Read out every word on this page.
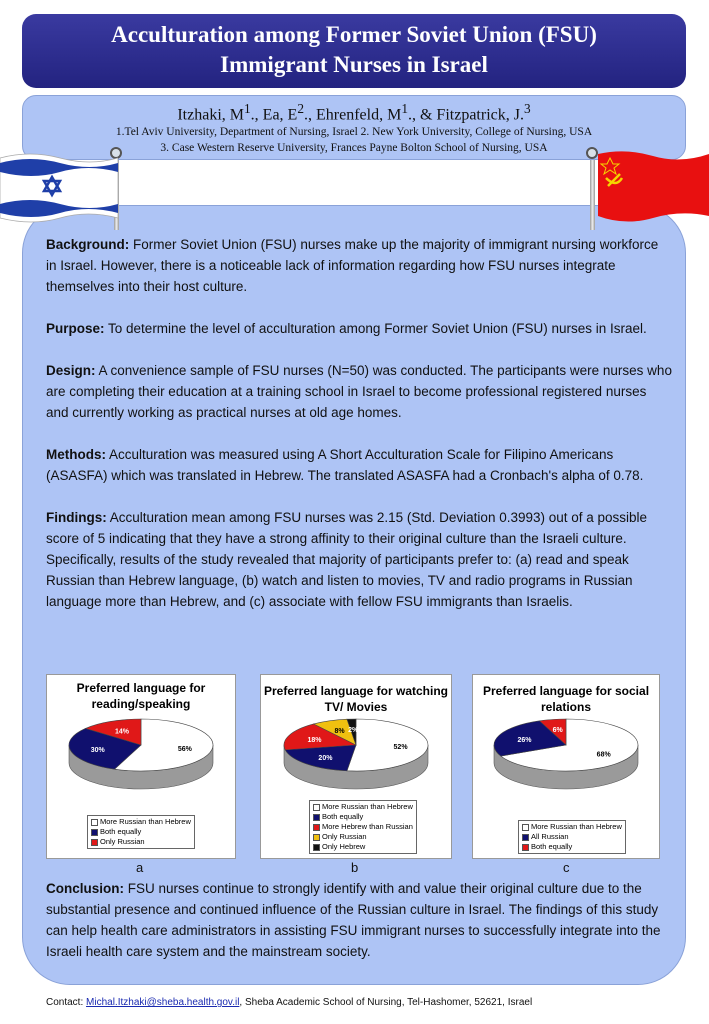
Acculturation among Former Soviet Union (FSU)
Immigrant Nurses in Israel
Itzhaki, $M^1$., Ea, $E^2$., Ehrenfeld, $M^1$., & Fitzpatrick, J.$^3$
1.Tel Aviv University, Department of Nursing, Israel 2. New York University, College of Nursing, USA
3. Case Western Reserve University, Frances Payne Bolton School of Nursing, USA

Background: Former Soviet Union (FSU) nurses make up the majority of immigrant nursing workforce in Israel. However, there is a noticeable lack of information regarding how FSU nurses integrate themselves into their host culture.

Purpose: To determine the level of acculturation among Former Soviet Union (FSU) nurses in Israel.

Design: A convenience sample of FSU nurses (N=50) was conducted. The participants were nurses who are completing their education at a training school in Israel to become professional registered nurses and currently working as practical nurses at old age homes.

Methods: Acculturation was measured using A Short Acculturation Scale for Filipino Americans (ASASFA) which was translated in Hebrew. The translated ASASFA had a Cronbach's alpha of 0.78.

Findings: Acculturation mean among FSU nurses was 2.15 (Std. Deviation 0.3993) out of a possible score of 5 indicating that they have a strong affinity to their original culture than the Israeli culture. Specifically, results of the study revealed that majority of participants prefer to: (a) read and speak Russian than Hebrew language, (b) watch and listen to movies, TV and radio programs in Russian language more than Hebrew, and (c) associate with fellow FSU immigrants than Israelis.

Preferred language for reading/speaking
56%
30%
14%
More Russian than Hebrew
Both equally
Only Russian
Preferred language for watching TV/ Movies
52%
20%
18%
8% 2%
More Russian than Hebrew
Both equally
More Hebrew than Russian
Only Russian
Only Hebrew
Preferred language for social relations
68%
26%
6%
More Russian than Hebrew
All Russian
Both equally
a	b	c

Conclusion: FSU nurses continue to strongly identify with and value their original culture due to the substantial presence and continued influence of the Russian culture in Israel. The findings of this study can help health care administrators in assisting FSU immigrant nurses to successfully integrate into the Israeli health care system and the mainstream society.

Contact: Michal.Itzhaki@sheba.health.gov.il, Sheba Academic School of Nursing, Tel-Hashomer, 52621, Israel
